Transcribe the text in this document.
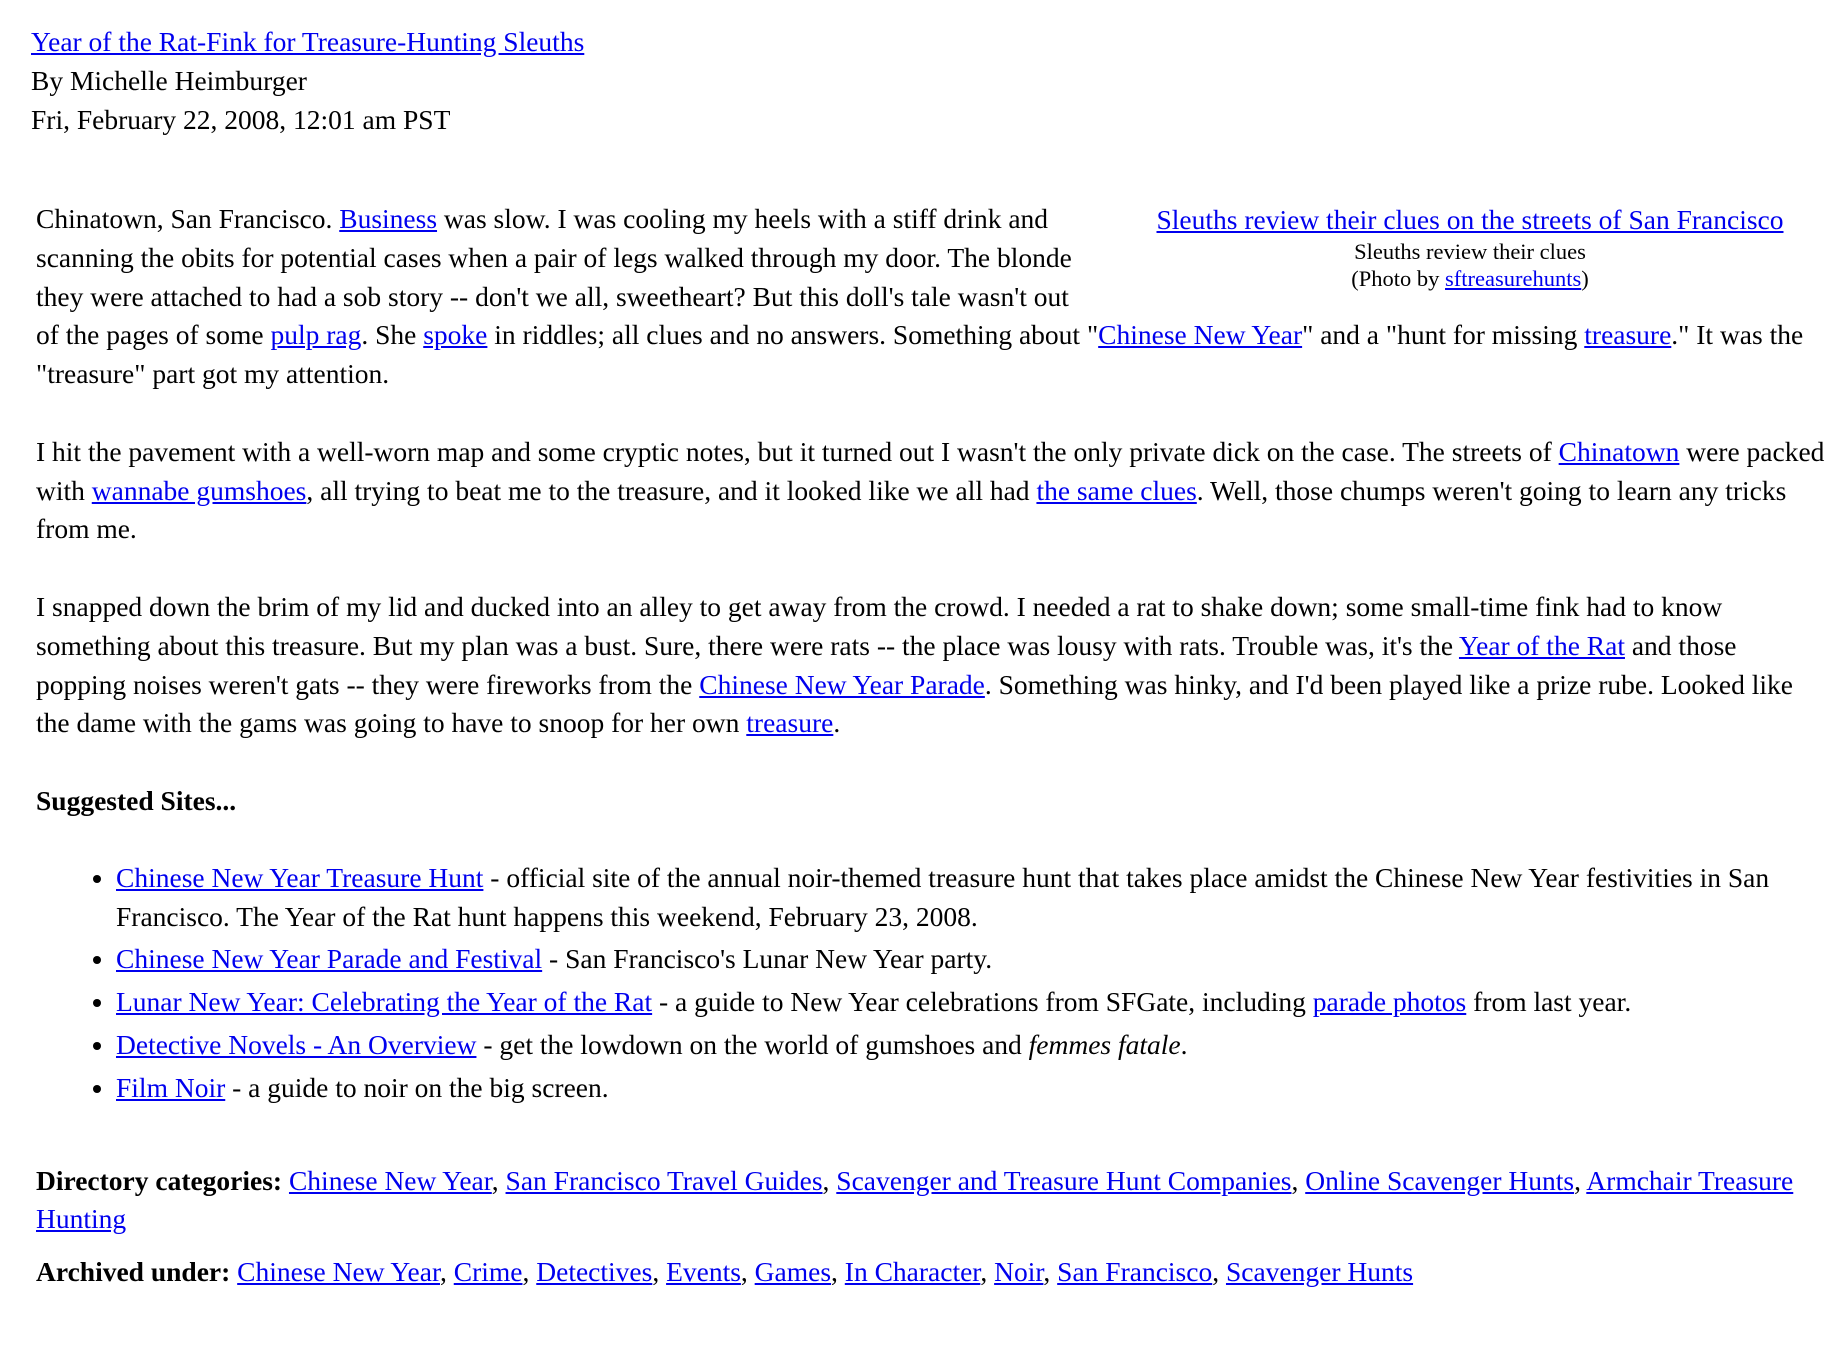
Year of the Rat-Fink for Treasure-Hunting Sleuths
By Michelle Heimburger
Fri, February 22, 2008, 12:01 am PST
Sleuths review their clues on the streets of San Francisco
Sleuths review their clues
(Photo by sftreasurehunts)

Chinatown, San Francisco. Business was slow. I was cooling my heels with a stiff drink and scanning the obits for potential cases when a pair of legs walked through my door. The blonde they were attached to had a sob story -- don't we all, sweetheart? But this doll's tale wasn't out of the pages of some pulp rag. She spoke in riddles; all clues and no answers. Something about "Chinese New Year" and a "hunt for missing treasure." It was the "treasure" part got my attention.

I hit the pavement with a well-worn map and some cryptic notes, but it turned out I wasn't the only private dick on the case. The streets of Chinatown were packed with wannabe gumshoes, all trying to beat me to the treasure, and it looked like we all had the same clues. Well, those chumps weren't going to learn any tricks from me.

I snapped down the brim of my lid and ducked into an alley to get away from the crowd. I needed a rat to shake down; some small-time fink had to know something about this treasure. But my plan was a bust. Sure, there were rats -- the place was lousy with rats. Trouble was, it's the Year of the Rat and those popping noises weren't gats -- they were fireworks from the Chinese New Year Parade. Something was hinky, and I'd been played like a prize rube. Looked like the dame with the gams was going to have to snoop for her own treasure.

Suggested Sites...
• Chinese New Year Treasure Hunt - official site of the annual noir-themed treasure hunt that takes place amidst the Chinese New Year festivities in San Francisco. The Year of the Rat hunt happens this weekend, February 23, 2008.
• Chinese New Year Parade and Festival - San Francisco's Lunar New Year party.
• Lunar New Year: Celebrating the Year of the Rat - a guide to New Year celebrations from SFGate, including parade photos from last year.
• Detective Novels - An Overview - get the lowdown on the world of gumshoes and femmes fatale.
• Film Noir - a guide to noir on the big screen.
Directory categories: Chinese New Year, San Francisco Travel Guides, Scavenger and Treasure Hunt Companies, Online Scavenger Hunts, Armchair Treasure Hunting
Archived under: Chinese New Year, Crime, Detectives, Events, Games, In Character, Noir, San Francisco, Scavenger Hunts
